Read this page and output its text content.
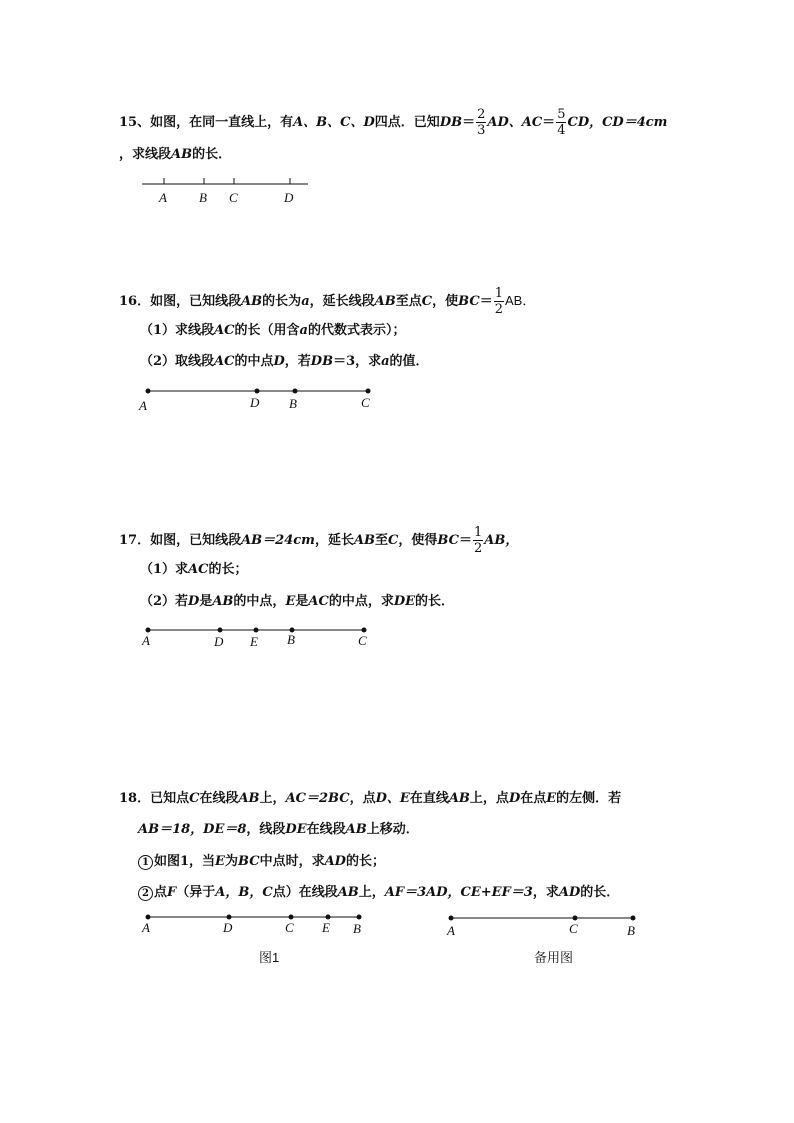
15、如图，在同一直线上，有A、B、C、D四点．已知$DB= \frac{2}{3}$ AD、$AC= \frac{5}{4}$ CD，CD＝4cm
，求线段AB的长．
16．如图，已知线段AB的长为a，延长线段AB至点C，使$BC= \frac{1}{2}$ AB．
（1）求线段AC的长（用含a的代数式表示）；
（2）取线段AC的中点D，若DB＝3，求a的值．
17．如图，已知线段AB＝24cm，延长AB至C，使得$BC= \frac{1}{2}$ AB，
（1）求AC的长；
（2）若D是AB的中点，E是AC的中点，求DE的长．
18．已知点C在线段AB上，AC＝2BC，点D、E在直线AB上，点D在点E的左侧．若
AB＝18，DE＝8，线段DE在线段AB上移动．
1 如图1，当E为BC中点时，求AD的长；
2 点F（异于A，B，C点）在线段AB上，AF＝3AD，CE+EF＝3，求AD的长．
图1	备用图
A B C	D
A	D B	C
A	D E B	C
A	D	C E B	A	C	B
